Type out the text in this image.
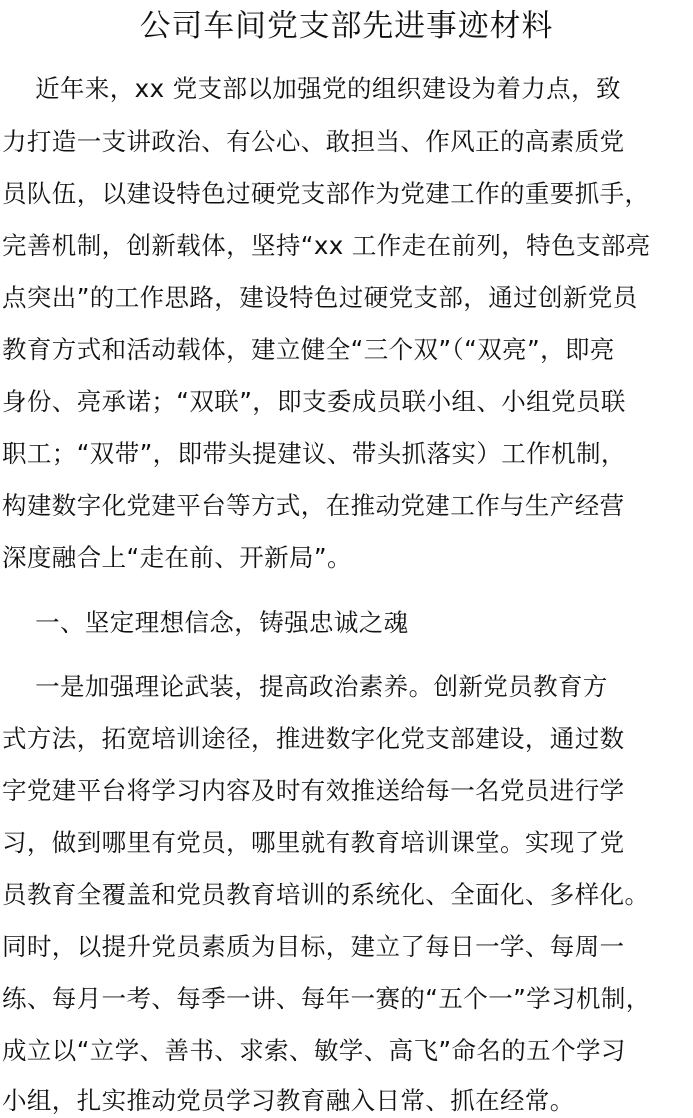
公司车间党支部先进事迹材料
　 近年来，xx 党支部以加强党的组织建设为着力点，致
力打造一支讲政治、有公心、敢担当、作风正的高素质党
员队伍，以建设特色过硬党支部作为党建工作的重要抓手，
完善机制，创新载体，坚持“xx 工作走在前列，特色支部亮
点突出”的工作思路，建设特色过硬党支部，通过创新党员
教育方式和活动载体，建立健全“三个双”（“双亮”，即亮
身份、亮承诺；“双联”，即支委成员联小组、小组党员联
职工；“双带”，即带头提建议、带头抓落实）工作机制，
构建数字化党建平台等方式，在推动党建工作与生产经营
深度融合上“走在前、开新局”。
　 一、坚定理想信念，铸强忠诚之魂
　 一是加强理论武装，提高政治素养。创新党员教育方
式方法，拓宽培训途径，推进数字化党支部建设，通过数
字党建平台将学习内容及时有效推送给每一名党员进行学
习，做到哪里有党员，哪里就有教育培训课堂。实现了党
员教育全覆盖和党员教育培训的系统化、全面化、多样化。
同时，以提升党员素质为目标，建立了每日一学、每周一
练、每月一考、每季一讲、每年一赛的“五个一”学习机制，
成立以“立学、善书、求索、敏学、高飞”命名的五个学习
小组，扎实推动党员学习教育融入日常、抓在经常。
